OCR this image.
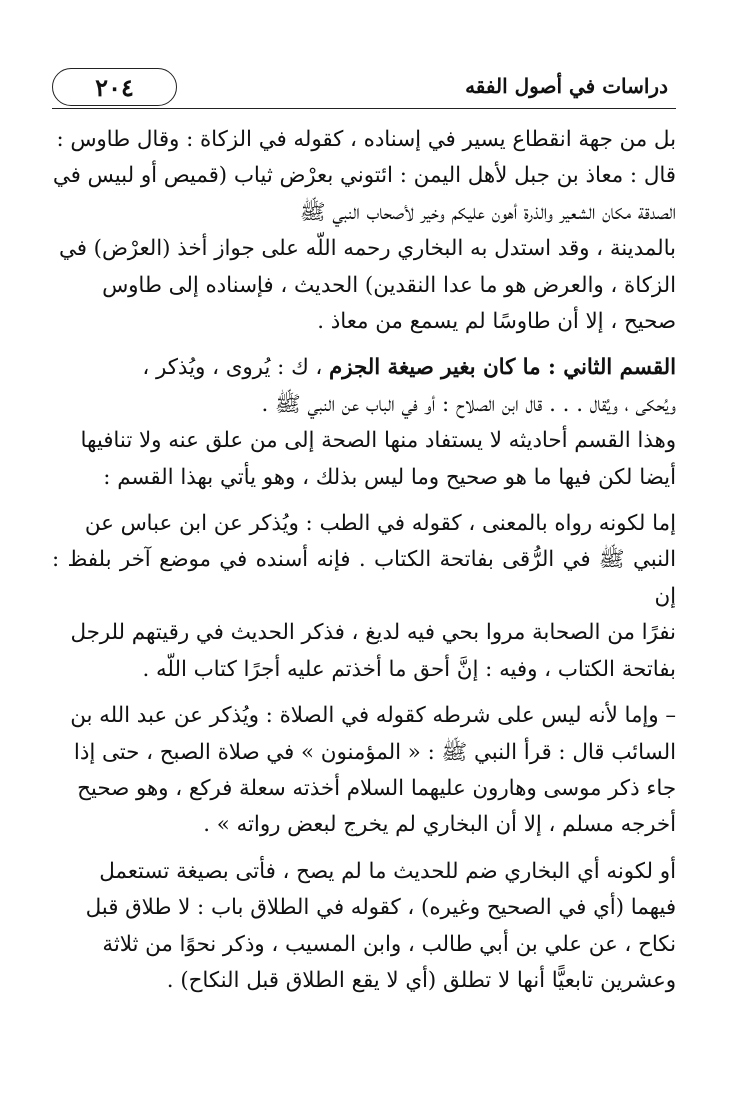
٢٠٤	دراسات في أصول الفقه
بل من جهة انقطاع يسير في إسناده ، كقوله في الزكاة : وقال طاوس :
قال : معاذ بن جبل لأهل اليمن : ائتوني بعرْض ثياب (قميص أو لبيس في
الصدقة مكان الشعير والذرة أهون عليكم وخير لأصحاب النبي ﷺ
بالمدينة ، وقد استدل به البخاري رحمه اللّه على جواز أخذ (العرْض) في
الزكاة ، والعرض هو ما عدا النقدين) الحديث ، فإسناده إلى طاوس
صحيح ، إلا أن طاوسًا لم يسمع من معاذ .
القسم الثاني : ما كان بغير صيغة الجزم ، ك : يُروى ، ويُذكر ،
ويُحكى ، ويُقال . . . قال ابن الصلاح : أو في الباب عن النبي ﷺ .
وهذا القسم أحاديثه لا يستفاد منها الصحة إلى من علق عنه ولا تنافيها
أيضا لكن فيها ما هو صحيح وما ليس بذلك ، وهو يأتي بهذا القسم :
إما لكونه رواه بالمعنى ، كقوله في الطب : ويُذكر عن ابن عباس عن
النبي ﷺ في الرُّقى بفاتحة الكتاب . فإنه أسنده في موضع آخر بلفظ : إن
نفرًا من الصحابة مروا بحي فيه لديغ ، فذكر الحديث في رقيتهم للرجل
بفاتحة الكتاب ، وفيه : إنَّ أحق ما أخذتم عليه أجرًا كتاب اللّه .
– وإما لأنه ليس على شرطه كقوله في الصلاة : ويُذكر عن عبد الله بن
السائب قال : قرأ النبي ﷺ : « المؤمنون » في صلاة الصبح ، حتى إذا
جاء ذكر موسى وهارون عليهما السلام أخذته سعلة فركع ، وهو صحيح
أخرجه مسلم ، إلا أن البخاري لم يخرج لبعض رواته » .
أو لكونه أي البخاري ضم للحديث ما لم يصح ، فأتى بصيغة تستعمل
فيهما (أي في الصحيح وغيره) ، كقوله في الطلاق باب : لا طلاق قبل
نكاح ، عن علي بن أبي طالب ، وابن المسيب ، وذكر نحوًا من ثلاثة
وعشرين تابعيًّا أنها لا تطلق (أي لا يقع الطلاق قبل النكاح) .
